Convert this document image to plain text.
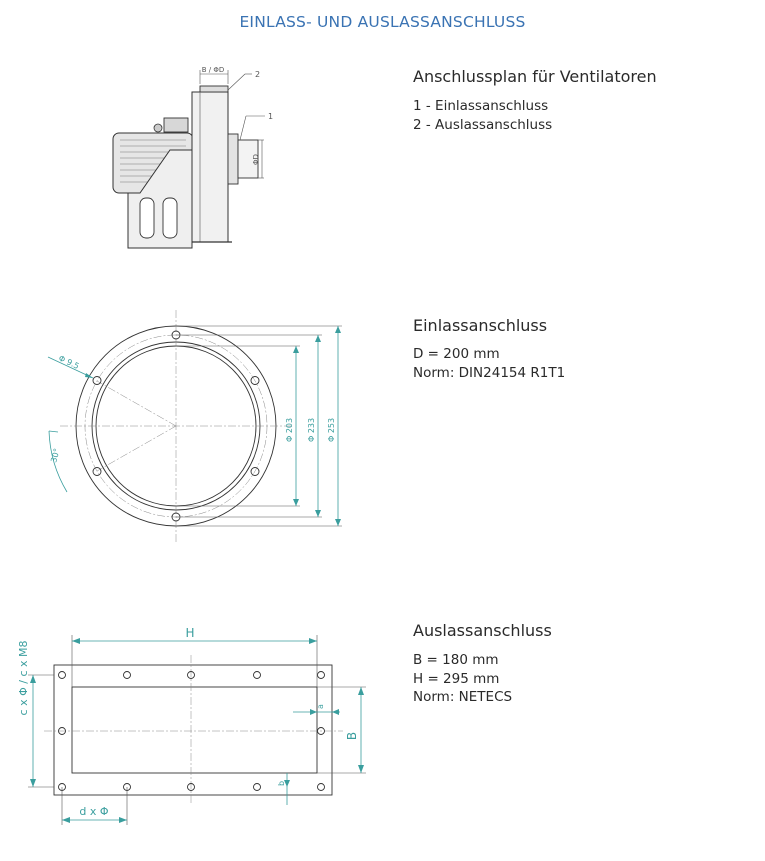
EINLASS- UND AUSLASSANSCHLUSS
Anschlussplan für Ventilatoren
1 - Einlassanschluss
2 - Auslassanschluss
Einlassanschluss
D = 200 mm
Norm: DIN24154 R1T1
Auslassanschluss
B = 180 mm
H = 295 mm
Norm: NETECS
B / ΦD	2
1
ΦD
Φ 9.5
30°
Φ 203 Φ 233 Φ 253
H
B
a
b
c x Φ / c x M8
d x Φ
